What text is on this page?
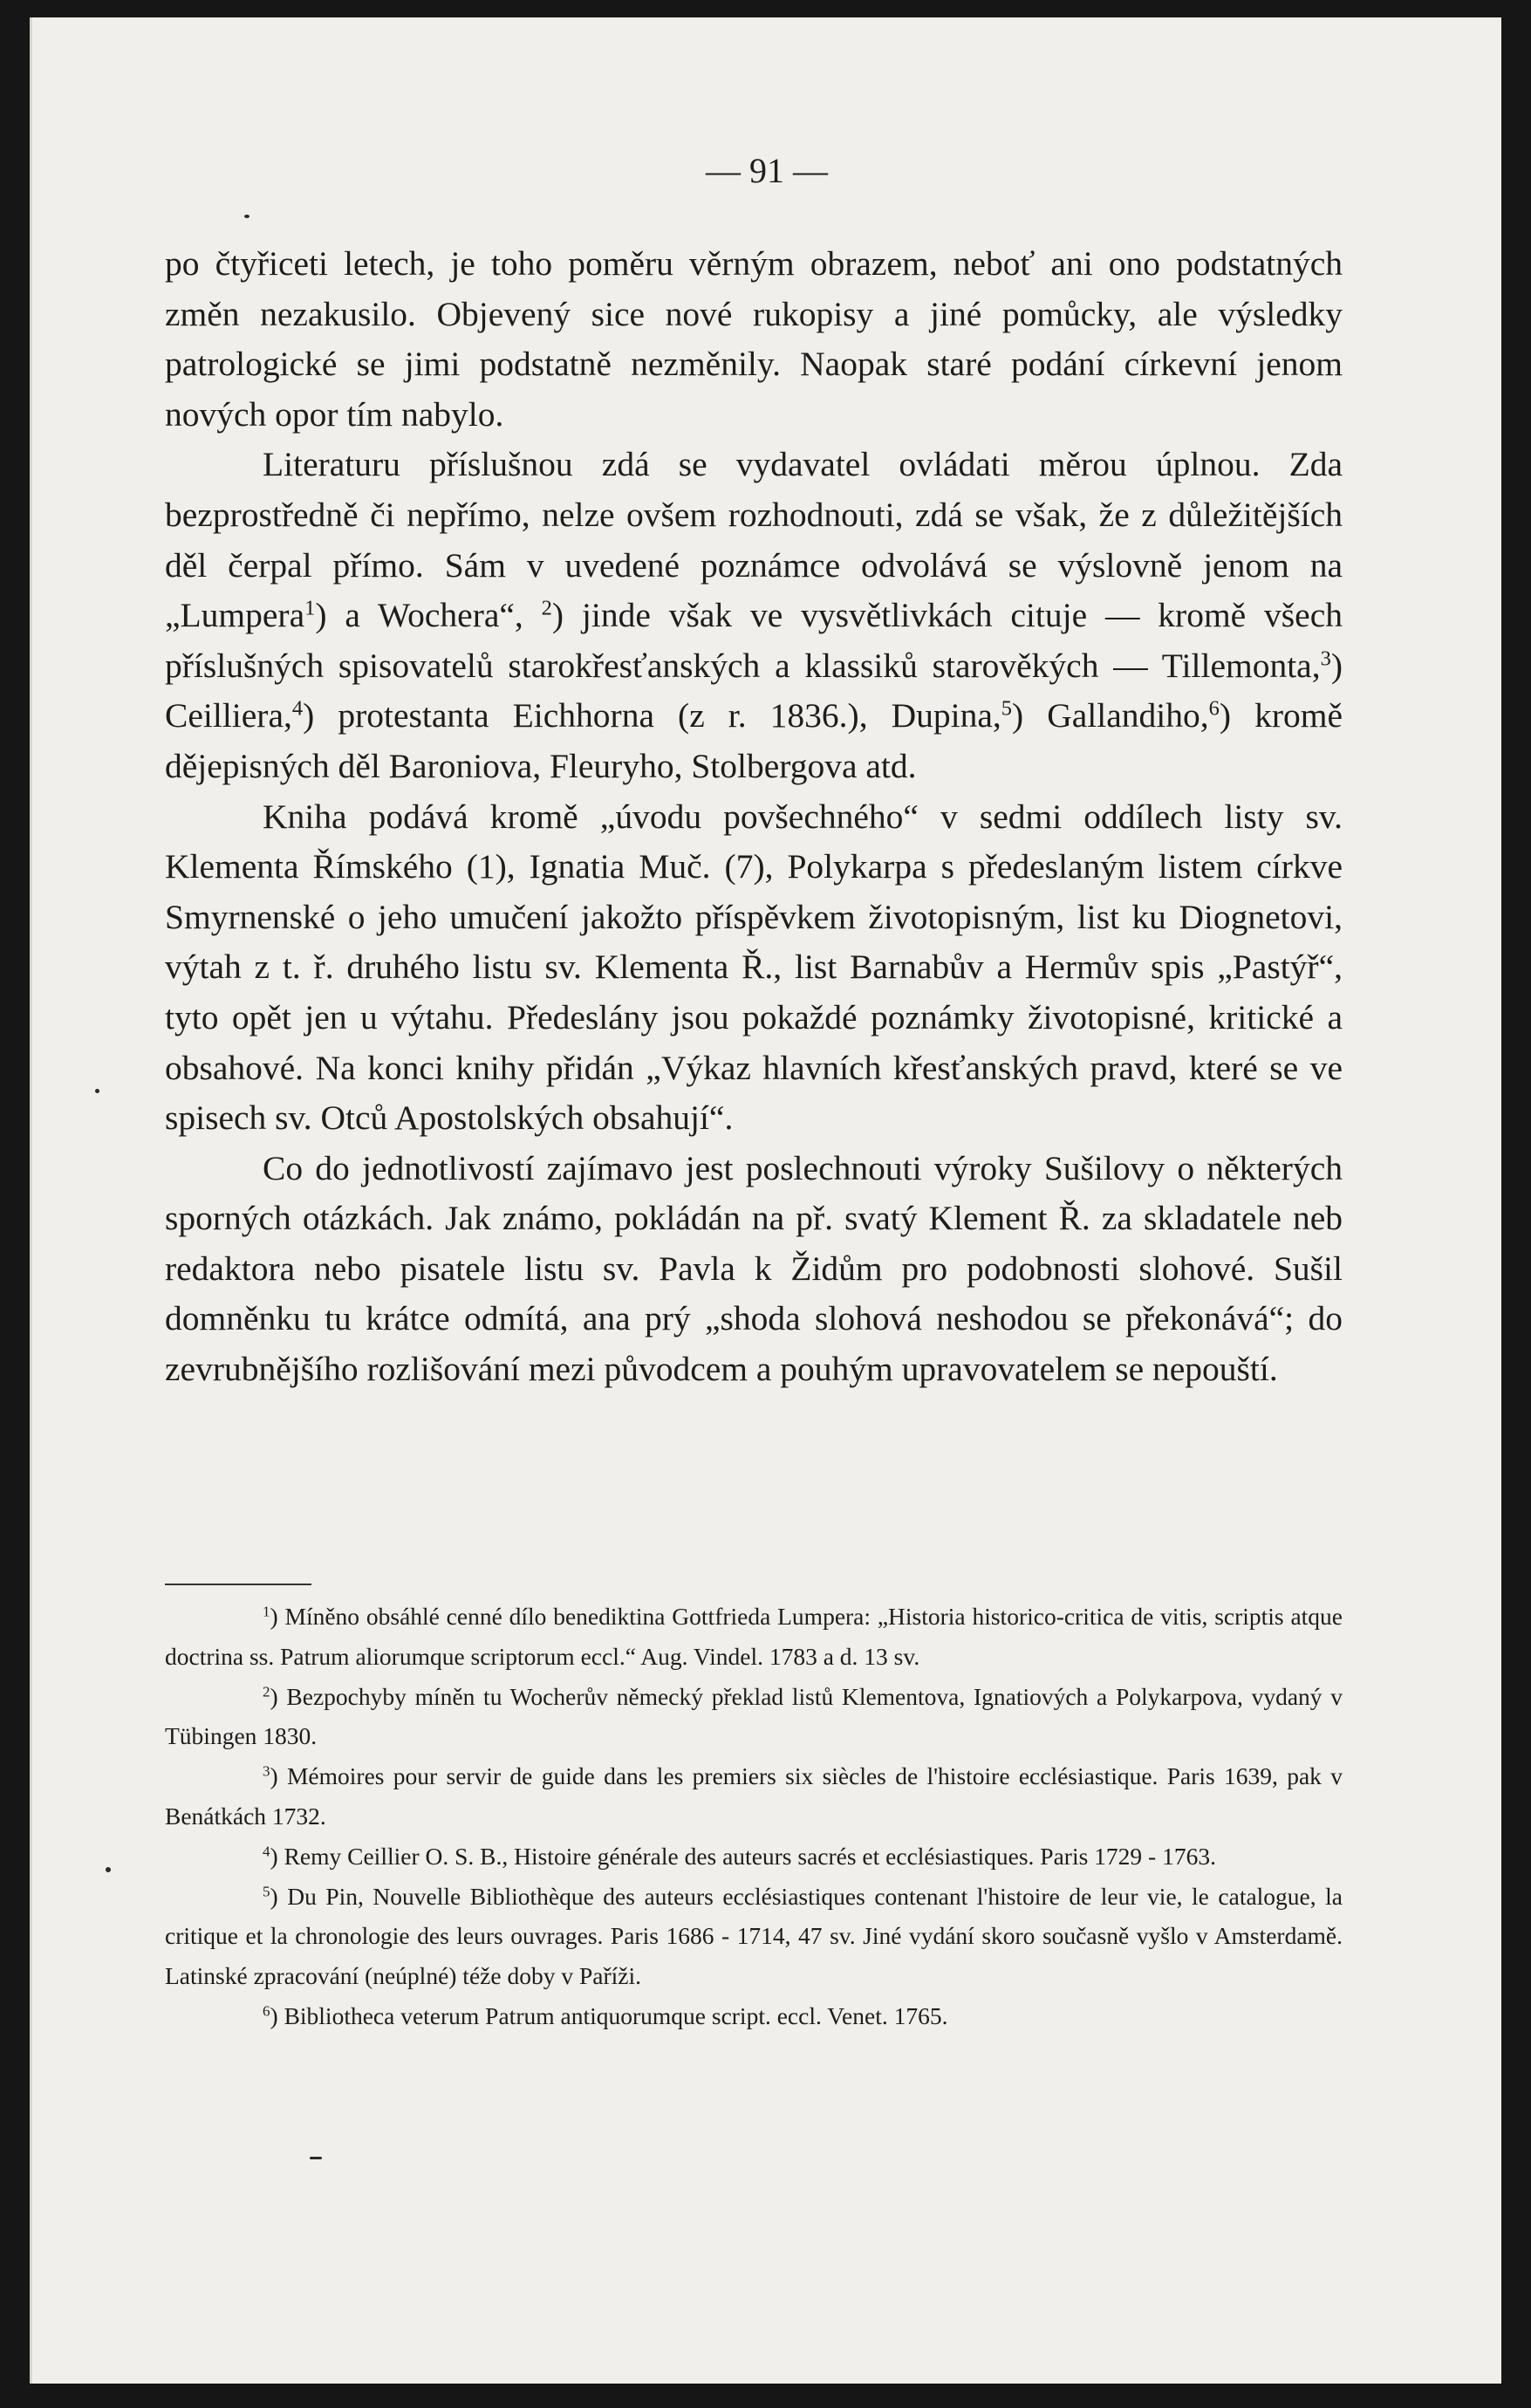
— 91 —

po čtyřiceti letech, je toho poměru věrným obrazem, neboť ani ono podstatných změn nezakusilo. Objevený sice nové rukopisy a jiné pomůcky, ale výsledky patrologické se jimi podstatně nezměnily. Naopak staré podání církevní jenom nových opor tím nabylo.

Literaturu příslušnou zdá se vydavatel ovládati měrou úplnou. Zda bezprostředně či nepřímo, nelze ovšem rozhodnouti, zdá se však, že z důležitějších děl čerpal přímo. Sám v uvedené poznámce odvolává se výslovně jenom na „Lumpera$^1$) a Wochera“, $^2$) jinde však ve vysvětlivkách cituje — kromě všech příslušných spisovatelů starokřesťanských a klassiků starověkých — Tillemonta,$^3$) Ceilliera,$^4$) protestanta Eichhorna (z r. 1836.), Dupina,$^5$) Gallandiho,$^6$) kromě dějepisných děl Baroniova, Fleuryho, Stolbergova atd.

Kniha podává kromě „úvodu povšechného“ v sedmi oddílech listy sv. Klementa Římského (1), Ignatia Muč. (7), Polykarpa s předeslaným listem církve Smyrnenské o jeho umučení jakožto příspěvkem životopisným, list ku Diognetovi, výtah z t. ř. druhého listu sv. Klementa Ř., list Barnabův a Hermův spis „Pastýř“, tyto opět jen u výtahu. Předeslány jsou pokaždé poznámky životopisné, kritické a obsahové. Na konci knihy přidán „Výkaz hlavních křesťanských pravd, které se ve spisech sv. Otců Apostolských obsahují“.

Co do jednotlivostí zajímavo jest poslechnouti výroky Sušilovy o některých sporných otázkách. Jak známo, pokládán na př. svatý Klement Ř. za skladatele neb redaktora nebo pisatele listu sv. Pavla k Židům pro podobnosti slohové. Sušil domněnku tu krátce odmítá, ana prý „shoda slohová neshodou se překonává“; do zevrubnějšího rozlišování mezi původcem a pouhým upravovatelem se nepouští.

$^1$) Míněno obsáhlé cenné dílo benediktina Gottfrieda Lumpera: „Historia historico-critica de vitis, scriptis atque doctrina ss. Patrum aliorumque scriptorum eccl.“ Aug. Vindel. 1783 a d. 13 sv.

$^2$) Bezpochyby míněn tu Wocherův německý překlad listů Klementova, Ignatiových a Polykarpova, vydaný v Tübingen 1830.

$^3$) Mémoires pour servir de guide dans les premiers six siècles de l'histoire ecclésiastique. Paris 1639, pak v Benátkách 1732.

$^4$) Remy Ceillier O. S. B., Histoire générale des auteurs sacrés et ecclésiastiques. Paris 1729 - 1763.

$^5$) Du Pin, Nouvelle Bibliothèque des auteurs ecclésiastiques contenant l'histoire de leur vie, le catalogue, la critique et la chronologie des leurs ouvrages. Paris 1686 - 1714, 47 sv. Jiné vydání skoro současně vyšlo v Amsterdamě. Latinské zpracování (neúplné) téže doby v Paříži.

$^6$) Bibliotheca veterum Patrum antiquorumque script. eccl. Venet. 1765.
